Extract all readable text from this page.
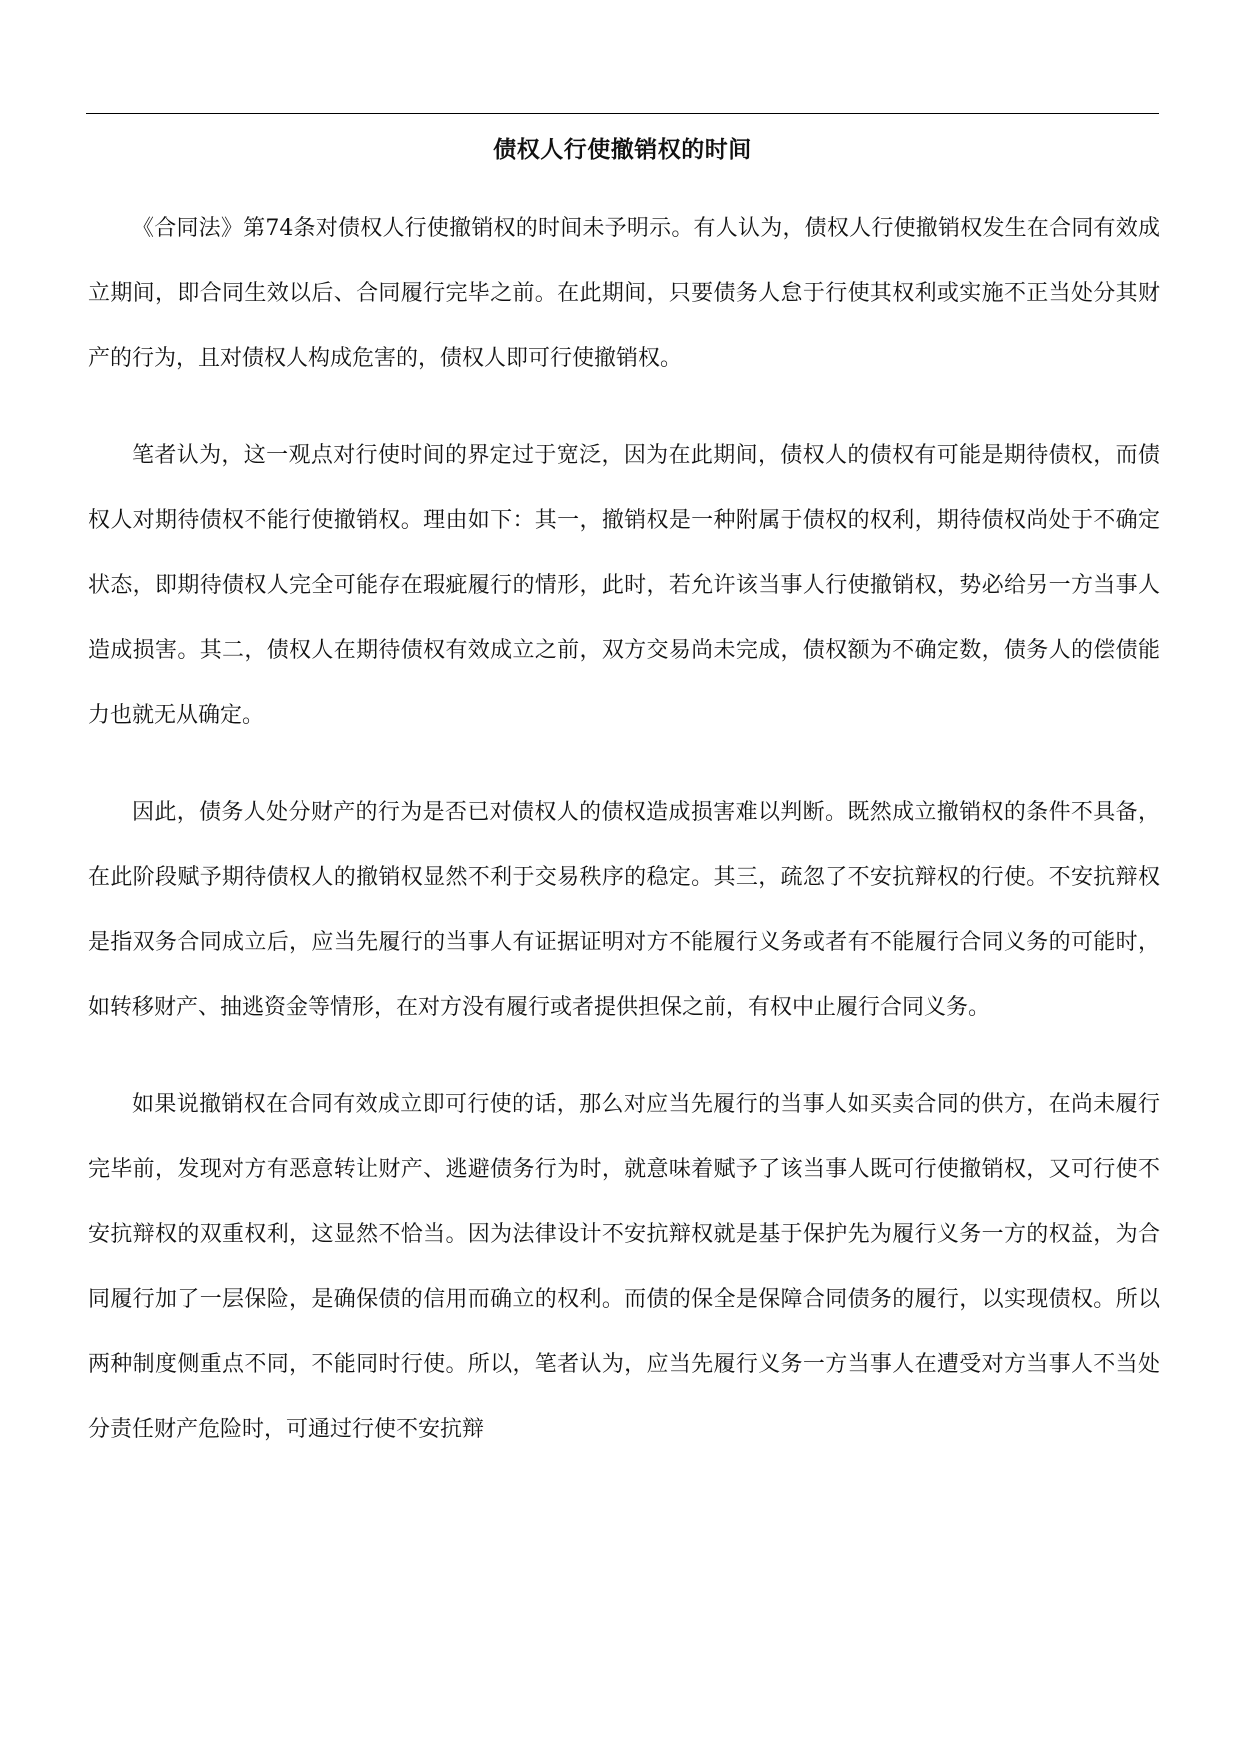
债权人行使撤销权的时间

《合同法》第74条对债权人行使撤销权的时间未予明示。有人认为，债权人行使撤销权发生在合同有效成立期间，即合同生效以后、合同履行完毕之前。在此期间，只要债务人怠于行使其权利或实施不正当处分其财产的行为，且对债权人构成危害的，债权人即可行使撤销权。

笔者认为，这一观点对行使时间的界定过于宽泛，因为在此期间，债权人的债权有可能是期待债权，而债权人对期待债权不能行使撤销权。理由如下：其一，撤销权是一种附属于债权的权利，期待债权尚处于不确定状态，即期待债权人完全可能存在瑕疵履行的情形，此时，若允许该当事人行使撤销权，势必给另一方当事人造成损害。其二，债权人在期待债权有效成立之前，双方交易尚未完成，债权额为不确定数，债务人的偿债能力也就无从确定。

因此，债务人处分财产的行为是否已对债权人的债权造成损害难以判断。既然成立撤销权的条件不具备，在此阶段赋予期待债权人的撤销权显然不利于交易秩序的稳定。其三，疏忽了不安抗辩权的行使。不安抗辩权是指双务合同成立后，应当先履行的当事人有证据证明对方不能履行义务或者有不能履行合同义务的可能时，如转移财产、抽逃资金等情形，在对方没有履行或者提供担保之前，有权中止履行合同义务。

如果说撤销权在合同有效成立即可行使的话，那么对应当先履行的当事人如买卖合同的供方，在尚未履行完毕前，发现对方有恶意转让财产、逃避债务行为时，就意味着赋予了该当事人既可行使撤销权，又可行使不安抗辩权的双重权利，这显然不恰当。因为法律设计不安抗辩权就是基于保护先为履行义务一方的权益，为合同履行加了一层保险，是确保债的信用而确立的权利。而债的保全是保障合同债务的履行，以实现债权。所以两种制度侧重点不同，不能同时行使。所以，笔者认为，应当先履行义务一方当事人在遭受对方当事人不当处分责任财产危险时，可通过行使不安抗辩
